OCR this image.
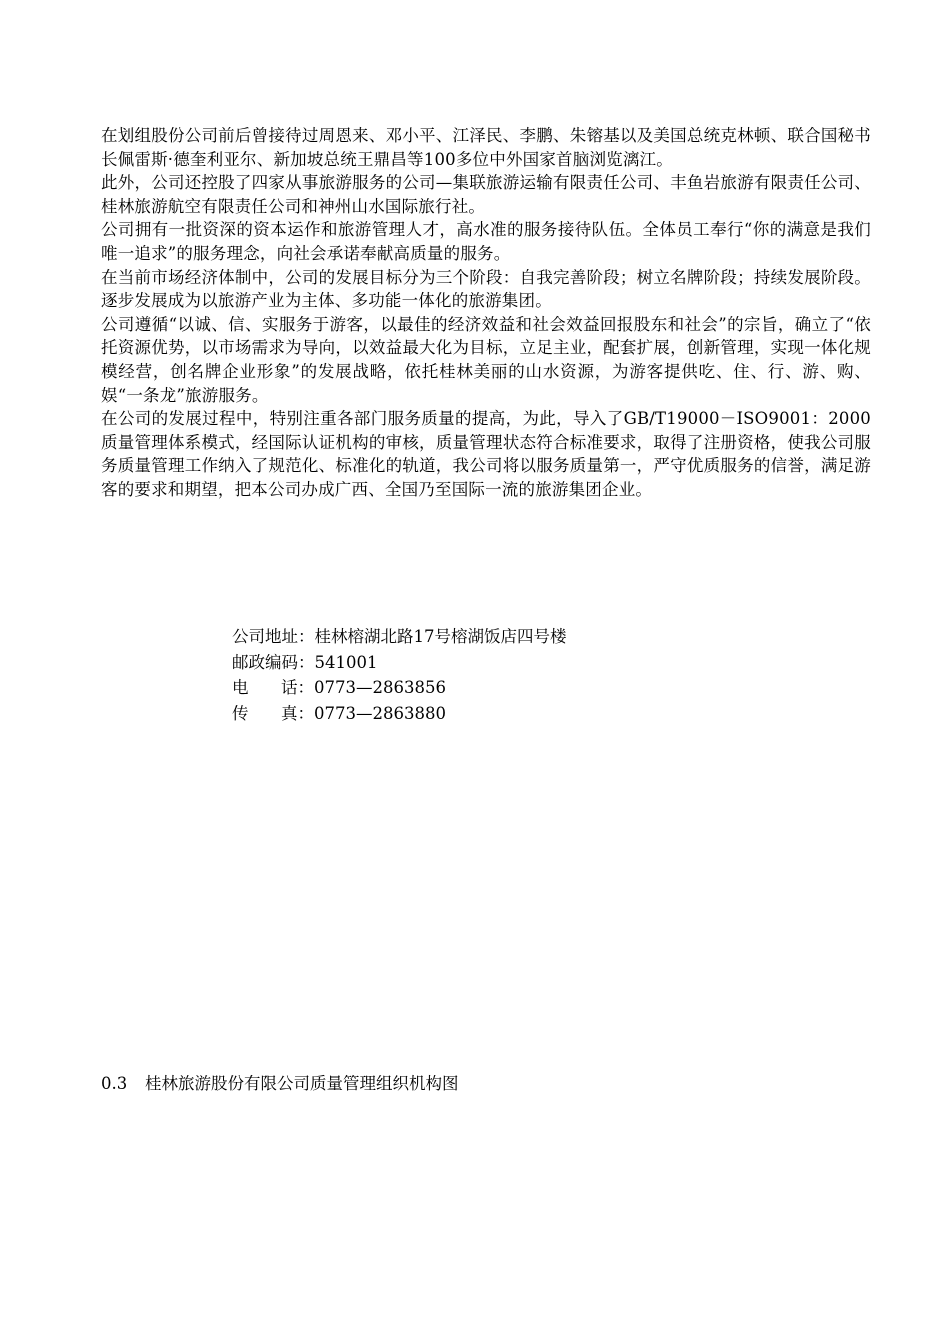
在划组股份公司前后曾接待过周恩来、邓小平、江泽民、李鹏、朱镕基以及美国总统克林顿、联合国秘书长佩雷斯·德奎利亚尔、新加坡总统王鼎昌等100多位中外国家首脑浏览漓江。

此外，公司还控股了四家从事旅游服务的公司—集联旅游运输有限责任公司、丰鱼岩旅游有限责任公司、桂林旅游航空有限责任公司和神州山水国际旅行社。

公司拥有一批资深的资本运作和旅游管理人才，高水准的服务接待队伍。全体员工奉行“你的满意是我们唯一追求”的服务理念，向社会承诺奉献高质量的服务。

在当前市场经济体制中，公司的发展目标分为三个阶段：自我完善阶段；树立名牌阶段；持续发展阶段。逐步发展成为以旅游产业为主体、多功能一体化的旅游集团。

公司遵循“以诚、信、实服务于游客，以最佳的经济效益和社会效益回报股东和社会”的宗旨，确立了“依托资源优势，以市场需求为导向，以效益最大化为目标，立足主业，配套扩展，创新管理，实现一体化规模经营，创名牌企业形象”的发展战略，依托桂林美丽的山水资源，为游客提供吃、住、行、游、购、娱“一条龙”旅游服务。

在公司的发展过程中，特别注重各部门服务质量的提高，为此，导入了GB/T19000－ISO9001：2000质量管理体系模式，经国际认证机构的审核，质量管理状态符合标准要求，取得了注册资格，使我公司服务质量管理工作纳入了规范化、标准化的轨道，我公司将以服务质量第一，严守优质服务的信誉，满足游客的要求和期望，把本公司办成广西、全国乃至国际一流的旅游集团企业。

公司地址：桂林榕湖北路17号榕湖饭店四号楼
邮政编码：541001
电 话： 0773—2863856
传 真： 0773—2863880
0.3 桂林旅游股份有限公司质量管理组织机构图
